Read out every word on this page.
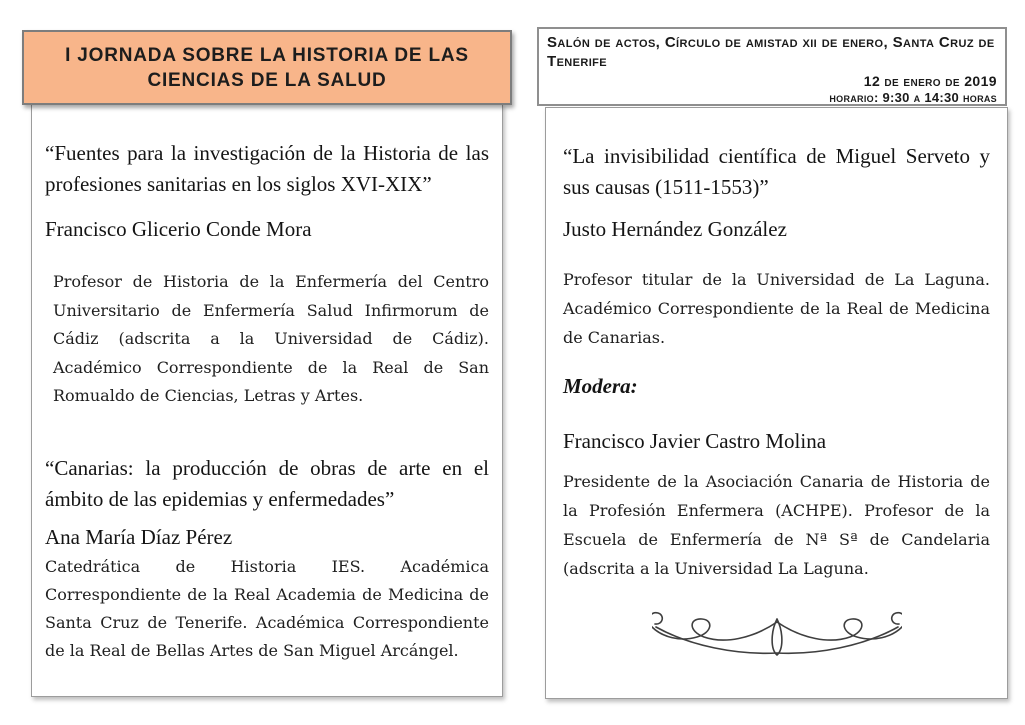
I JORNADA SOBRE LA HISTORIA DE LAS CIENCIAS DE LA SALUD

“Fuentes para la investigación de la Historia de las profesiones sanitarias en los siglos XVI-XIX”

Francisco Glicerio Conde Mora

Profesor de Historia de la Enfermería del Centro Universitario de Enfermería Salud Infirmorum de Cádiz (adscrita a la Universidad de Cádiz). Académico Correspondiente de la Real de San Romualdo de Ciencias, Letras y Artes.

“Canarias: la producción de obras de arte en el ámbito de las epidemias y enfermedades”

Ana María Díaz Pérez

Catedrática de Historia IES. Académica Correspondiente de la Real Academia de Medicina de Santa Cruz de Tenerife. Académica Correspondiente de la Real de Bellas Artes de San Miguel Arcángel.

Salón de actos, Círculo de amistad xii de enero, Santa Cruz de Tenerife
12 de enero de 2019
horario: 9:30 a 14:30 horas

“La invisibilidad científica de Miguel Serveto y sus causas (1511-1553)”

Justo Hernández González

Profesor titular de la Universidad de La Laguna. Académico Correspondiente de la Real de Medicina de Canarias.

Modera:

Francisco Javier Castro Molina

Presidente de la Asociación Canaria de Historia de la Profesión Enfermera (ACHPE). Profesor de la Escuela de Enfermería de Nª Sª de Candelaria (adscrita a la Universidad La Laguna.
